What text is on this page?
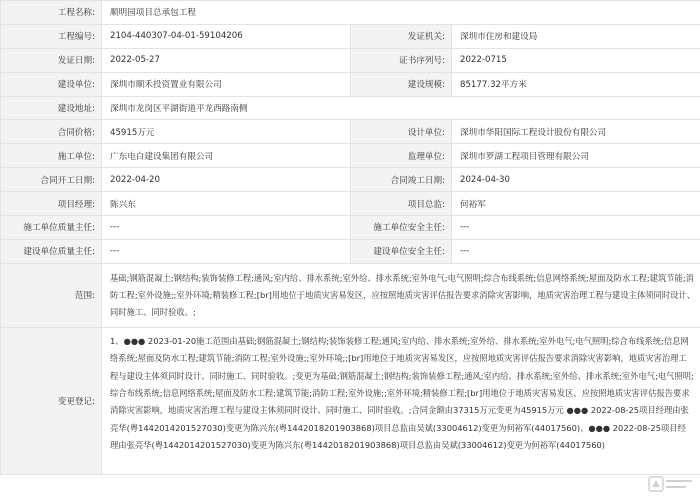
工程名称:	顺明园项目总承包工程		
工程编号:	2104-440307-04-01-59104206	发证机关:	深圳市住房和建设局
发证日期:	2022-05-27	证书序列号:	2022-0715
建设单位:	深圳市顺禾投资置业有限公司	建设规模:	85177.32平方米
建设地址:	深圳市龙岗区平湖街道平龙西路南侧		
合同价格:	45915万元	设计单位:	深圳市华阳国际工程设计股份有限公司
施工单位:	广东电白建设集团有限公司	监理单位:	深圳市罗湖工程项目管理有限公司
合同开工日期:	2022-04-20	合同竣工日期:	2024-04-30
项目经理:	陈兴东	项目总监:	何裕军
施工单位质量主任:	---	施工单位安全主任:	---
建设单位质量主任:	---	建设单位安全主任:	---
范围:	基础;钢筋混凝土;钢结构;装饰装修工程;通风;室内给、排水系统;室外给、排水系统;室外电气;电气照明;综合布线系统;信息网络系统;屋面及防水工程;建筑节能;消防工程;室外设施;;室外环境;精装修工程;[br]用地位于地质灾害易发区，应按照地质灾害评估报告要求消除灾害影响，地质灾害治理工程与建设主体须同时设计、同时施工、同时验收。;		
变更登记:	1、●●● 2023-01-20施工范围由基础;钢筋混凝土;钢结构;装饰装修工程;通风;室内给、排水系统;室外给、排水系统;室外电气;电气照明;综合布线系统;信息网络系统;屋面及防水工程;建筑节能;消防工程;室外设施;;室外环境;;[br]用地位于地质灾害易发区，应按照地质灾害评估报告要求消除灾害影响，地质灾害治理工程与建设主体须同时设计、同时施工、同时验收。;变更为基础;钢筋混凝土;钢结构;装饰装修工程;通风;室内给、排水系统;室外给、排水系统;室外电气;电气照明;综合布线系统;信息网络系统;屋面及防水工程;建筑节能;消防工程;室外设施;;室外环境;精装修工程;[br]用地位于地质灾害易发区，应按照地质灾害评估报告要求消除灾害影响，地质灾害治理工程与建设主体须同时设计、同时施工、同时验收。;合同金额由37315万元变更为45915万元 ●●● 2022-08-25项目经理由张亮华(粤1442014201527030)变更为陈兴东(粤1442018201903868)项目总监由吴斌(33004612)变更为何裕军(44017560)、●●● 2022-08-25项目经理由张亮华(粤1442014201527030)变更为陈兴东(粤1442018201903868)项目总监由吴斌(33004612)变更为何裕军(44017560)		
